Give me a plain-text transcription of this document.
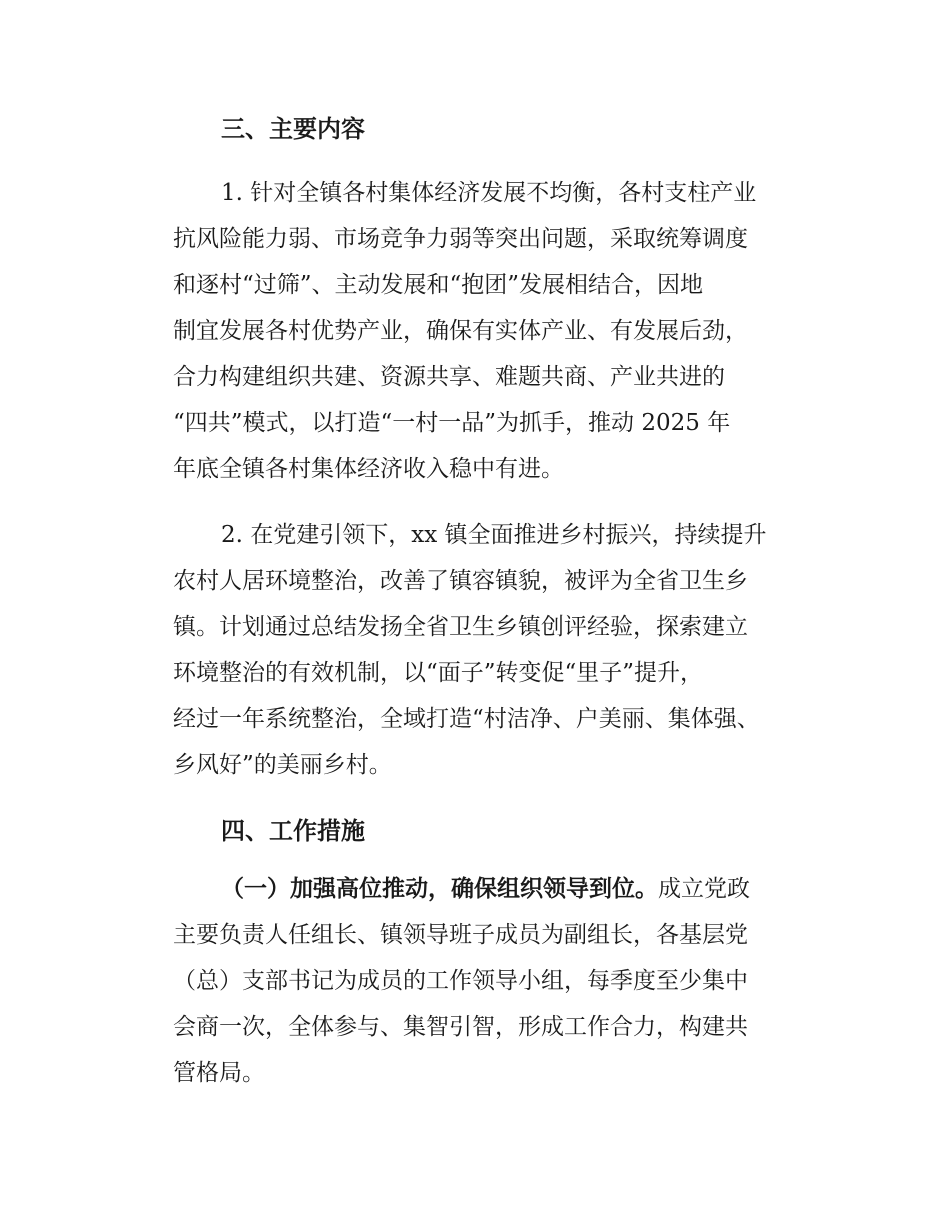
三、主要内容

1. 针对全镇各村集体经济发展不均衡，各村支柱产业
抗风险能力弱、市场竞争力弱等突出问题，采取统筹调度
和逐村“过筛”、主动发展和“抱团”发展相结合，因地
制宜发展各村优势产业，确保有实体产业、有发展后劲，
合力构建组织共建、资源共享、难题共商、产业共进的
“四共”模式，以打造“一村一品”为抓手，推动 2025 年
年底全镇各村集体经济收入稳中有进。

2. 在党建引领下，xx 镇全面推进乡村振兴，持续提升
农村人居环境整治，改善了镇容镇貌，被评为全省卫生乡
镇。计划通过总结发扬全省卫生乡镇创评经验，探索建立
环境整治的有效机制，以“面子”转变促“里子”提升，
经过一年系统整治，全域打造“村洁净、户美丽、集体强、
乡风好”的美丽乡村。

四、工作措施

（一）加强高位推动，确保组织领导到位。成立党政
主要负责人任组长、镇领导班子成员为副组长，各基层党
（总）支部书记为成员的工作领导小组，每季度至少集中
会商一次，全体参与、集智引智，形成工作合力，构建共
管格局。
